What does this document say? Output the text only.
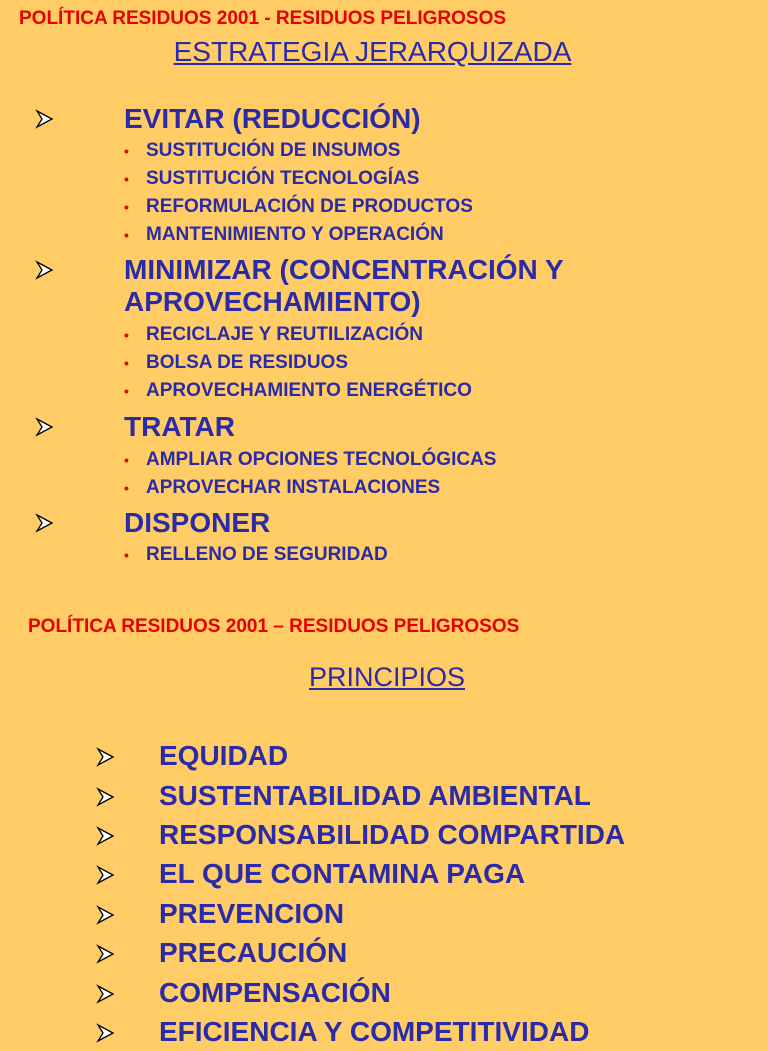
POLÍTICA RESIDUOS 2001 - RESIDUOS PELIGROSOS
ESTRATEGIA JERARQUIZADA
EVITAR (REDUCCIÓN)
• SUSTITUCIÓN DE INSUMOS
• SUSTITUCIÓN TECNOLOGÍAS
• REFORMULACIÓN DE PRODUCTOS
• MANTENIMIENTO Y OPERACIÓN
MINIMIZAR (CONCENTRACIÓN Y
APROVECHAMIENTO)
• RECICLAJE Y REUTILIZACIÓN
• BOLSA DE RESIDUOS
• APROVECHAMIENTO ENERGÉTICO
TRATAR
• AMPLIAR OPCIONES TECNOLÓGICAS
• APROVECHAR INSTALACIONES
DISPONER
• RELLENO DE SEGURIDAD
POLÍTICA RESIDUOS 2001 – RESIDUOS PELIGROSOS
PRINCIPIOS
EQUIDAD
SUSTENTABILIDAD AMBIENTAL
RESPONSABILIDAD COMPARTIDA
EL QUE CONTAMINA PAGA
PREVENCION
PRECAUCIÓN
COMPENSACIÓN
EFICIENCIA Y COMPETITIVIDAD
